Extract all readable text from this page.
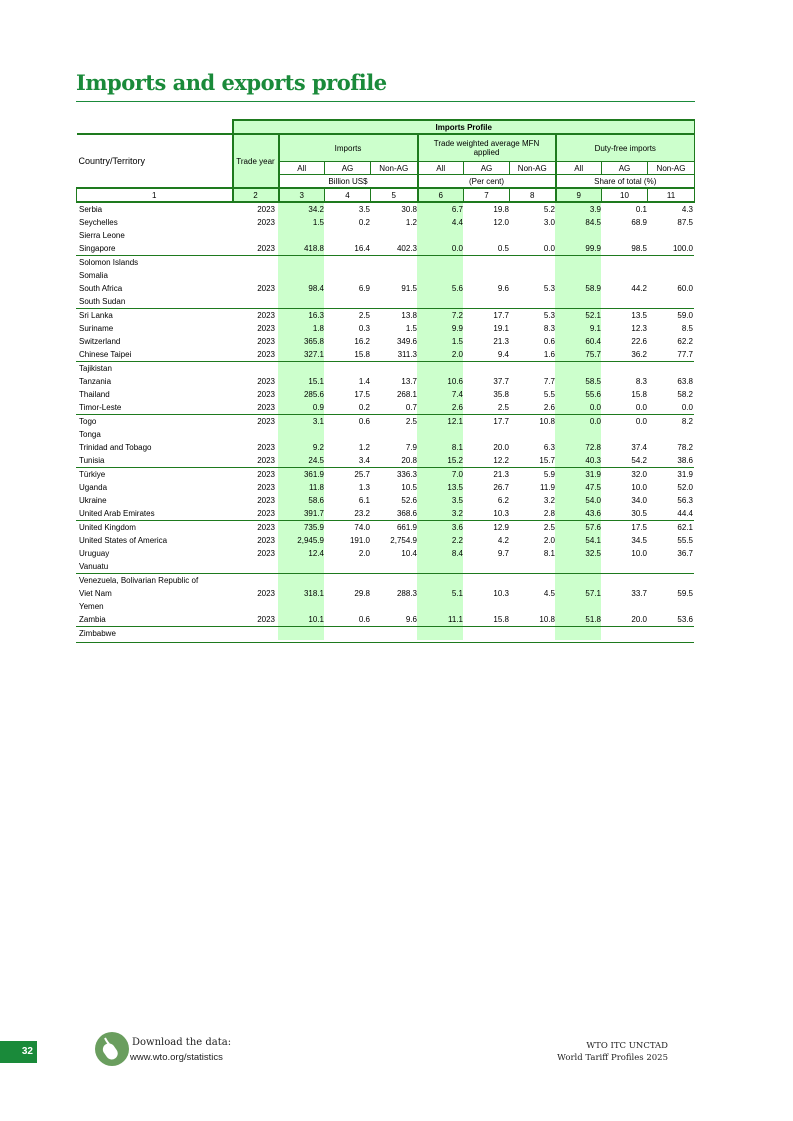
Imports and exports profile
	Imports Profile									
Country/Territory	Trade year	Imports			Trade weighted average MFN applied			Duty-free imports		
		All	AG	Non-AG	All	AG	Non-AG	All	AG	Non-AG
		Billion US$			(Per cent)			Share of total (%)		
1	2	3	4	5	6	7	8	9	10	11
Serbia	2023	34.2	3.5	30.8	6.7	19.8	5.2	3.9	0.1	4.3
Seychelles	2023	1.5	0.2	1.2	4.4	12.0	3.0	84.5	68.9	87.5
Sierra Leone
Singapore	2023	418.8	16.4	402.3	0.0	0.5	0.0	99.9	98.5	100.0
Solomon Islands
Somalia
South Africa	2023	98.4	6.9	91.5	5.6	9.6	5.3	58.9	44.2	60.0
South Sudan
Sri Lanka	2023	16.3	2.5	13.8	7.2	17.7	5.3	52.1	13.5	59.0
Suriname	2023	1.8	0.3	1.5	9.9	19.1	8.3	9.1	12.3	8.5
Switzerland	2023	365.8	16.2	349.6	1.5	21.3	0.6	60.4	22.6	62.2
Chinese Taipei	2023	327.1	15.8	311.3	2.0	9.4	1.6	75.7	36.2	77.7
Tajikistan
Tanzania	2023	15.1	1.4	13.7	10.6	37.7	7.7	58.5	8.3	63.8
Thailand	2023	285.6	17.5	268.1	7.4	35.8	5.5	55.6	15.8	58.2
Timor-Leste	2023	0.9	0.2	0.7	2.6	2.5	2.6	0.0	0.0	0.0
Togo	2023	3.1	0.6	2.5	12.1	17.7	10.8	0.0	0.0	8.2
Tonga
Trinidad and Tobago	2023	9.2	1.2	7.9	8.1	20.0	6.3	72.8	37.4	78.2
Tunisia	2023	24.5	3.4	20.8	15.2	12.2	15.7	40.3	54.2	38.6
Türkiye	2023	361.9	25.7	336.3	7.0	21.3	5.9	31.9	32.0	31.9
Uganda	2023	11.8	1.3	10.5	13.5	26.7	11.9	47.5	10.0	52.0
Ukraine	2023	58.6	6.1	52.6	3.5	6.2	3.2	54.0	34.0	56.3
United Arab Emirates	2023	391.7	23.2	368.6	3.2	10.3	2.8	43.6	30.5	44.4
United Kingdom	2023	735.9	74.0	661.9	3.6	12.9	2.5	57.6	17.5	62.1
United States of America	2023	2,945.9	191.0	2,754.9	2.2	4.2	2.0	54.1	34.5	55.5
Uruguay	2023	12.4	2.0	10.4	8.4	9.7	8.1	32.5	10.0	36.7
Vanuatu
Venezuela, Bolivarian Republic of
Viet Nam	2023	318.1	29.8	288.3	5.1	10.3	4.5	57.1	33.7	59.5
Yemen
Zambia	2023	10.1	0.6	9.6	11.1	15.8	10.8	51.8	20.0	53.6
Zimbabwe
32
Download the data:
www.wto.org/statistics
WTO ITC UNCTAD
World Tariff Profiles 2025
